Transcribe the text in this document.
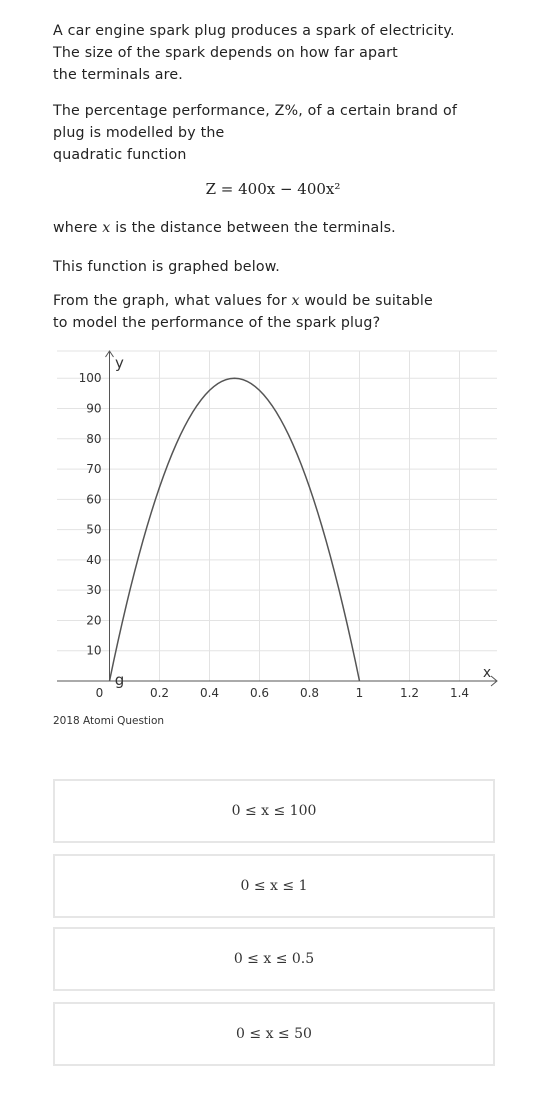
A car engine spark plug produces a spark of electricity.
The size of the spark depends on how far apart
the terminals are.

The percentage performance, Z%, of a certain brand of
plug is modelled by the
quadratic function

Z = 400x − 400x²

where x is the distance between the terminals.

This function is graphed below.

From the graph, what values for x would be suitable
to model the performance of the spark plug?

0	0.2	0.4	0.6	0.8	1	1.2	1.4
10
20
30
40
50
60
70
80
90
100
y
x
g
2018 Atomi Question
0 ≤ x ≤ 100
0 ≤ x ≤ 1
0 ≤ x ≤ 0.5
0 ≤ x ≤ 50
